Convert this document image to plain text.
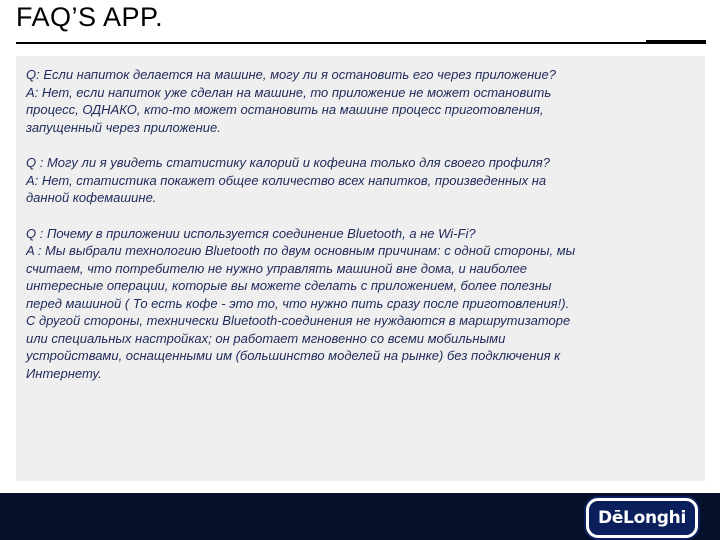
FAQ’S APP.
Q: Если напиток делается на машине, могу ли я остановить его через приложение?
A: Нет, если напиток уже сделан на машине, то приложение не может остановить
процесс, ОДНАКО, кто-то может остановить на машине процесс приготовления,
запущенный через приложение.
Q : Могу ли я увидеть статистику калорий и кофеина только для своего профиля?
A: Нет, статистика покажет общее количество всех напитков, произведенных на
данной кофемашине.
Q : Почему в приложении используется соединение Bluetooth, а не Wi-Fi?
A : Мы выбрали технологию Bluetooth по двум основным причинам: с одной стороны, мы
считаем, что потребителю не нужно управлять машиной вне дома, и наиболее
интересные операции, которые вы можете сделать с приложением, более полезны
перед машиной ( То есть кофе - это то, что нужно пить сразу после приготовления!).
С другой стороны, технически Bluetooth-соединения не нуждаются в маршрутизаторе
или специальных настройках; он работает мгновенно со всеми мобильными
устройствами, оснащенными им (большинство моделей на рынке) без подключения к
Интернету.
DēLonghi
